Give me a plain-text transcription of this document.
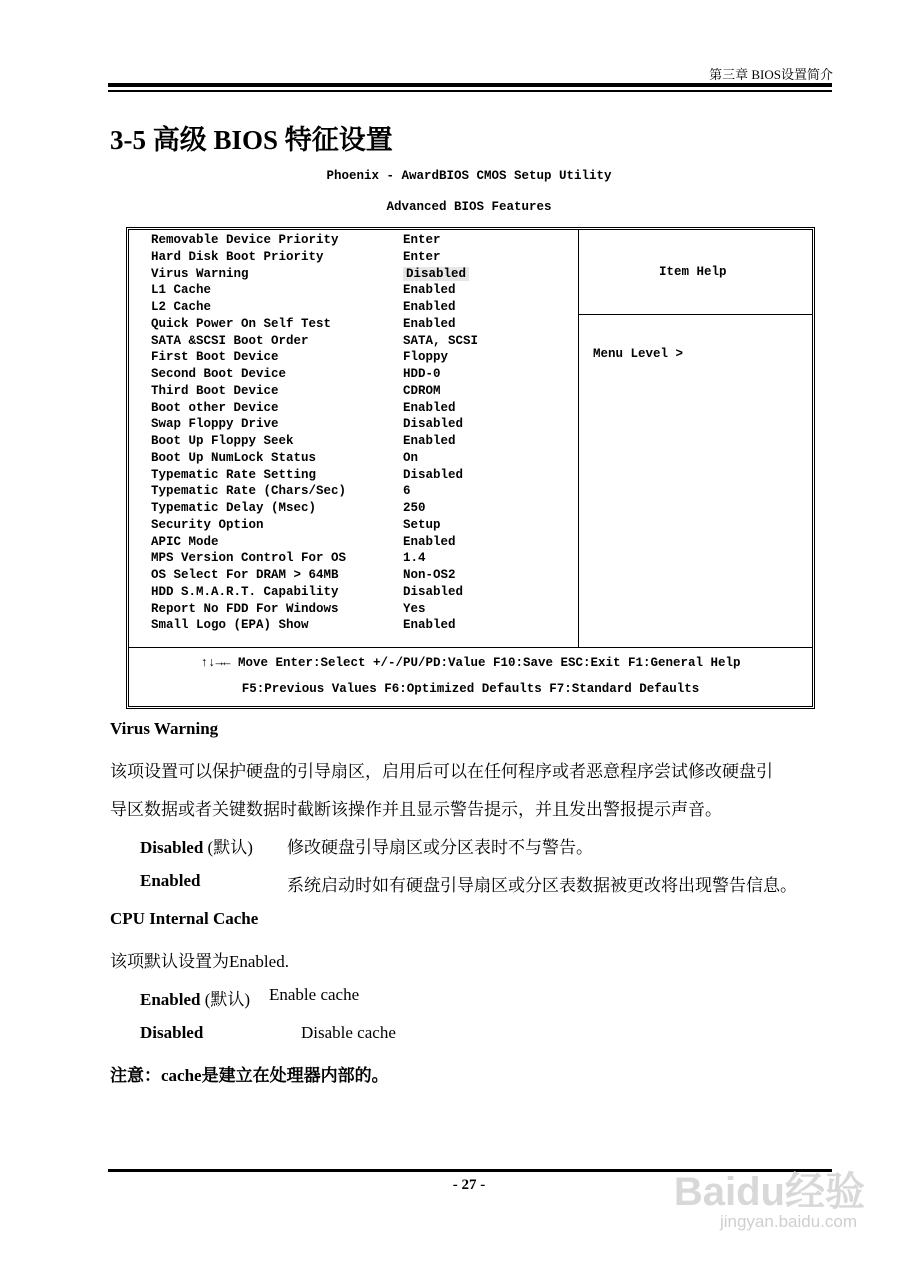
第三章 BIOS设置简介
3-5 高级 BIOS 特征设置
Phoenix - AwardBIOS CMOS Setup Utility
Advanced BIOS Features
Removable Device Priority	Enter
Hard Disk Boot Priority	Enter
Virus Warning	Disabled
L1 Cache	Enabled
L2 Cache	Enabled
Quick Power On Self Test	Enabled
SATA &SCSI Boot Order	SATA, SCSI
First Boot Device	Floppy
Second Boot Device	HDD-0
Third Boot Device	CDROM
Boot other Device	Enabled
Swap Floppy Drive	Disabled
Boot Up Floppy Seek	Enabled
Boot Up NumLock Status	On
Typematic Rate Setting	Disabled
Typematic Rate (Chars/Sec)	6
Typematic Delay (Msec)	250
Security Option	Setup
APIC Mode	Enabled
MPS Version Control For OS	1.4
OS Select For DRAM > 64MB	Non-OS2
HDD S.M.A.R.T. Capability	Disabled
Report No FDD For Windows	Yes
Small Logo (EPA) Show	Enabled
Item Help
Menu Level >
↑↓→← Move Enter:Select +/-/PU/PD:Value F10:Save ESC:Exit F1:General Help
F5:Previous Values F6:Optimized Defaults F7:Standard Defaults
Virus Warning
该项设置可以保护硬盘的引导扇区，启用后可以在任何程序或者恶意程序尝试修改硬盘引
导区数据或者关键数据时截断该操作并且显示警告提示，并且发出警报提示声音。
Disabled (默认) 修改硬盘引导扇区或分区表时不与警告。
Enabled	系统启动时如有硬盘引导扇区或分区表数据被更改将出现警告信息。
CPU Internal Cache
该项默认设置为Enabled.
Enabled (默认) Enable cache
Disabled	Disable cache
注意：cache是建立在处理器内部的。
- 27 -	Baidu经验
jingyan.baidu.com
